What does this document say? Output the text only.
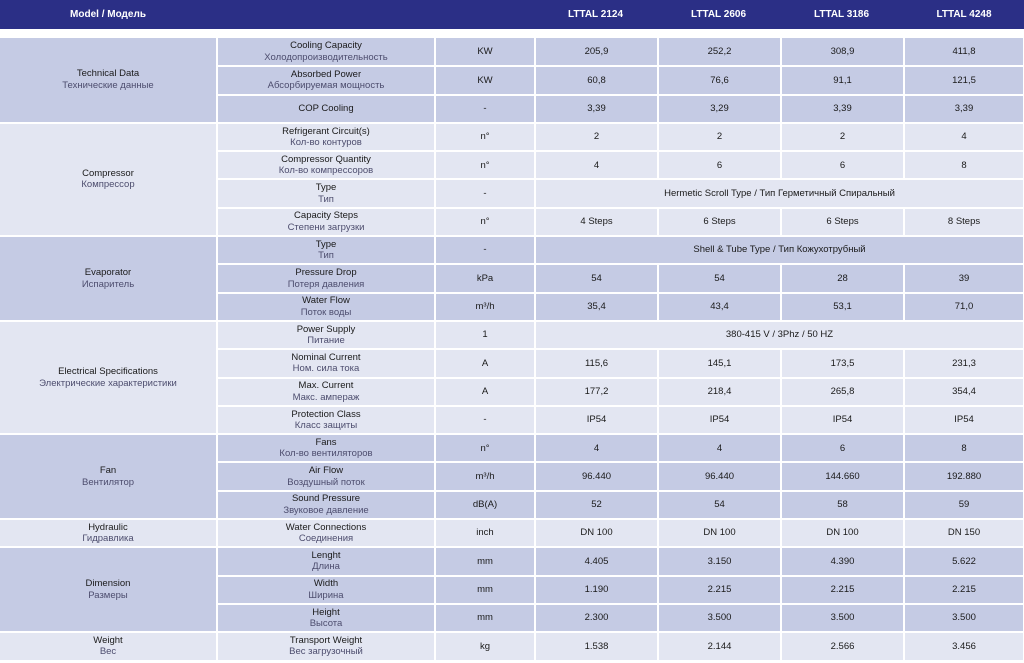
Model / Модель	LTTAL 2124	LTTAL 2606	LTTAL 3186	LTTAL 4248
Technical Data
Технические данные	Cooling Capacity
Холодопроизводительность	KW	205,9	252,2	308,9	411,8

	Absorbed Power
Абсорбируемая мощность	KW	60,8	76,6	91,1	121,5

	COP Cooling	-	3,39	3,29	3,39	3,39

Compressor
Компрессор	Refrigerant Circuit(s)
Кол-во контуров	n°	2	2	2	4

	Compressor Quantity
Кол-во компрессоров	n°	4	6	6	8

	Type
Тип	-	Hermetic Scroll Type / Тип Герметичный Спиральный			

	Capacity Steps
Степени загрузки	n°	4 Steps	6 Steps	6 Steps	8 Steps

Evaporator
Испаритель	Type
Тип	-	Shell & Tube Type / Тип Кожухотрубный			

	Pressure Drop
Потеря давления	kPa	54	54	28	39

	Water Flow
Поток воды	m³/h	35,4	43,4	53,1	71,0

Electrical Specifications
Электрические характеристики	Power Supply
Питание	1	380-415 V / 3Phz / 50 HZ			

	Nominal Current
Ном. сила тока	A	115,6	145,1	173,5	231,3

	Max. Current
Макс. ампераж	A	177,2	218,4	265,8	354,4

	Protection Class
Класс защиты	-	IP54	IP54	IP54	IP54

Fan
Вентилятор	Fans
Кол-во вентиляторов	n°	4	4	6	8

	Air Flow
Воздушный поток	m³/h	96.440	96.440	144.660	192.880

	Sound Pressure
Звуковое давление	dB(A)	52	54	58	59

Hydraulic
Гидравлика	Water Connections
Соединения	inch	DN 100	DN 100	DN 100	DN 150

Dimension
Размеры	Lenght
Длина	mm	4.405	3.150	4.390	5.622

	Width
Ширина	mm	1.190	2.215	2.215	2.215

	Height
Высота	mm	2.300	3.500	3.500	3.500

Weight
Вес	Transport Weight
Вес загрузочный	kg	1.538	2.144	2.566	3.456
